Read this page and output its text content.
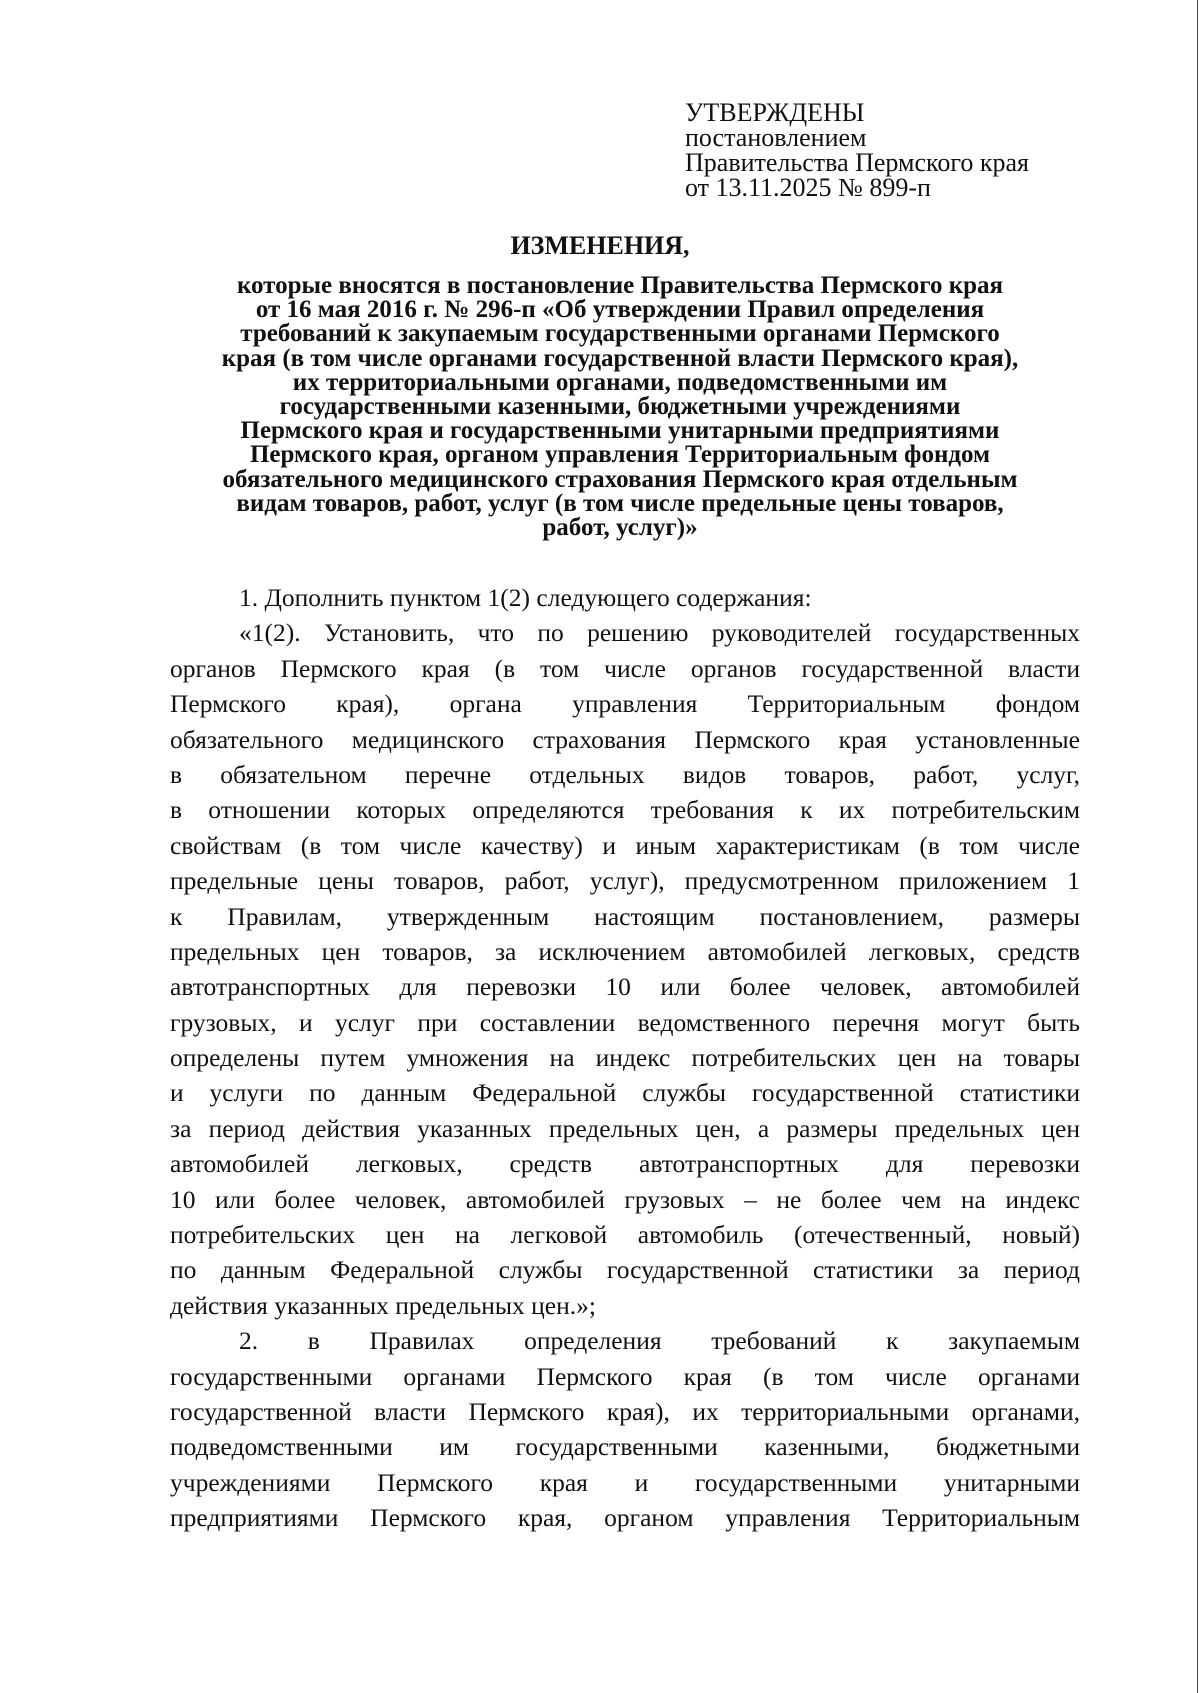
УТВЕРЖДЕНЫ
постановлением
Правительства Пермского края
от 13.11.2025 № 899-п
ИЗМЕНЕНИЯ,
которые вносятся в постановление Правительства Пермского края
от 16 мая 2016 г. № 296-п «Об утверждении Правил определения
требований к закупаемым государственными органами Пермского
края (в том числе органами государственной власти Пермского края),
их территориальными органами, подведомственными им
государственными казенными, бюджетными учреждениями
Пермского края и государственными унитарными предприятиями
Пермского края, органом управления Территориальным фондом
обязательного медицинского страхования Пермского края отдельным
видам товаров, работ, услуг (в том числе предельные цены товаров,
работ, услуг)»
1. Дополнить пунктом 1(2) следующего содержания:
«1(2). Установить, что по решению руководителей государственных
органов Пермского края (в том числе органов государственной власти
Пермского края), органа управления Территориальным фондом
обязательного медицинского страхования Пермского края установленные
в обязательном перечне отдельных видов товаров, работ, услуг,
в отношении которых определяются требования к их потребительским
свойствам (в том числе качеству) и иным характеристикам (в том числе
предельные цены товаров, работ, услуг), предусмотренном приложением 1
к Правилам, утвержденным настоящим постановлением, размеры
предельных цен товаров, за исключением автомобилей легковых, средств
автотранспортных для перевозки 10 или более человек, автомобилей
грузовых, и услуг при составлении ведомственного перечня могут быть
определены путем умножения на индекс потребительских цен на товары
и услуги по данным Федеральной службы государственной статистики
за период действия указанных предельных цен, а размеры предельных цен
автомобилей легковых, средств автотранспортных для перевозки
10 или более человек, автомобилей грузовых – не более чем на индекс
потребительских цен на легковой автомобиль (отечественный, новый)
по данным Федеральной службы государственной статистики за период
действия указанных предельных цен.»;
2. в Правилах определения требований к закупаемым
государственными органами Пермского края (в том числе органами
государственной власти Пермского края), их территориальными органами,
подведомственными им государственными казенными, бюджетными
учреждениями Пермского края и государственными унитарными
предприятиями Пермского края, органом управления Территориальным
